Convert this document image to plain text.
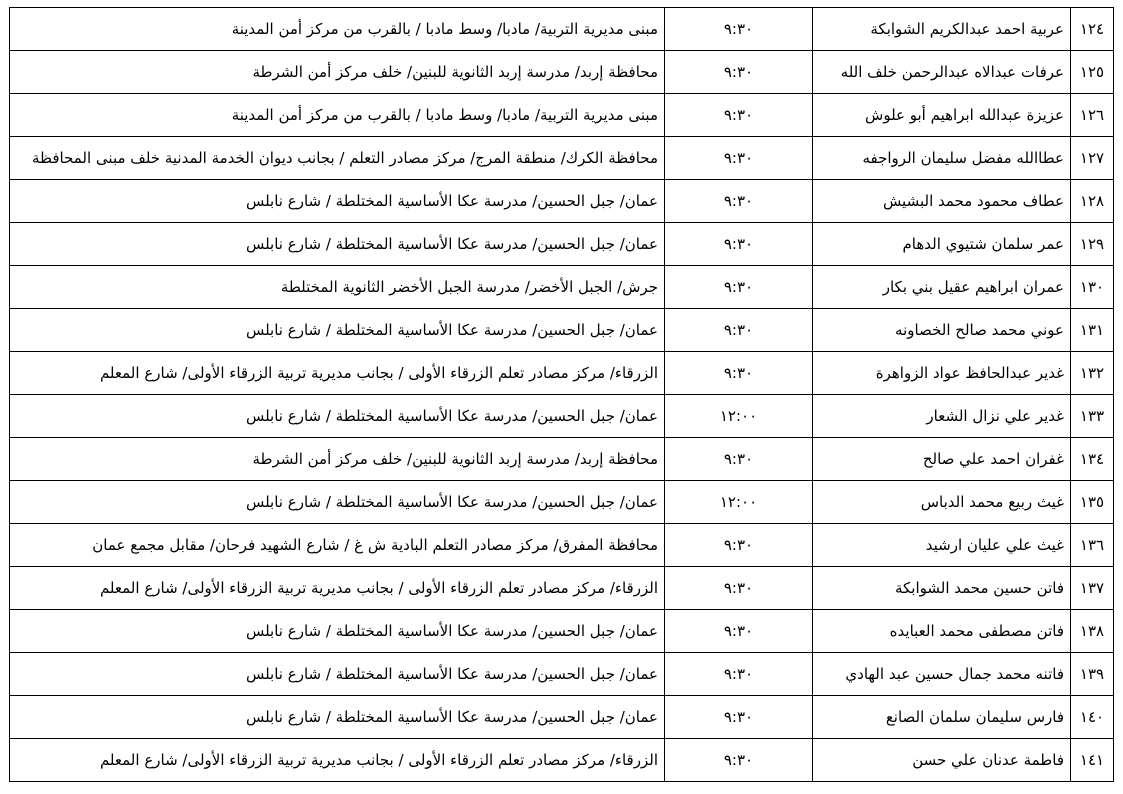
١٢٤	عربية احمد عبدالكريم الشوابكة	٩:٣٠	مبنى مديرية التربية/ مادبا/ وسط مادبا / بالقرب من مركز أمن المدينة
١٢٥	عرفات عبدالاه عبدالرحمن خلف الله	٩:٣٠	محافظة إربد/ مدرسة إربد الثانوية للبنين/ خلف مركز أمن الشرطة
١٢٦	عزيزة عبدالله ابراهيم أبو علوش	٩:٣٠	مبنى مديرية التربية/ مادبا/ وسط مادبا / بالقرب من مركز أمن المدينة
١٢٧	عطاالله مفضل سليمان الرواجفه	٩:٣٠	محافظة الكرك/ منطقة المرج/ مركز مصادر التعلم / بجانب ديوان الخدمة المدنية خلف مبنى المحافظة
١٢٨	عطاف محمود محمد البشيش	٩:٣٠	عمان/ جبل الحسين/ مدرسة عكا الأساسية المختلطة / شارع نابلس
١٢٩	عمر سلمان شتيوي الدهام	٩:٣٠	عمان/ جبل الحسين/ مدرسة عكا الأساسية المختلطة / شارع نابلس
١٣٠	عمران ابراهيم عقيل بني بكار	٩:٣٠	جرش/ الجبل الأخضر/ مدرسة الجبل الأخضر الثانوية المختلطة
١٣١	عوني محمد صالح الخصاونه	٩:٣٠	عمان/ جبل الحسين/ مدرسة عكا الأساسية المختلطة / شارع نابلس
١٣٢	غدير عبدالحافظ عواد الزواهرة	٩:٣٠	الزرقاء/ مركز مصادر تعلم الزرقاء الأولى / بجانب مديرية تربية الزرقاء الأولى/ شارع المعلم
١٣٣	غدير علي نزال الشعار	١٢:٠٠	عمان/ جبل الحسين/ مدرسة عكا الأساسية المختلطة / شارع نابلس
١٣٤	غفران احمد علي صالح	٩:٣٠	محافظة إربد/ مدرسة إربد الثانوية للبنين/ خلف مركز أمن الشرطة
١٣٥	غيث ربيع محمد الدباس	١٢:٠٠	عمان/ جبل الحسين/ مدرسة عكا الأساسية المختلطة / شارع نابلس
١٣٦	غيث علي عليان ارشيد	٩:٣٠	محافظة المفرق/ مركز مصادر التعلم البادية ش غ / شارع الشهيد فرحان/ مقابل مجمع عمان
١٣٧	فاتن حسين محمد الشوابكة	٩:٣٠	الزرقاء/ مركز مصادر تعلم الزرقاء الأولى / بجانب مديرية تربية الزرقاء الأولى/ شارع المعلم
١٣٨	فاتن مصطفى محمد العبايده	٩:٣٠	عمان/ جبل الحسين/ مدرسة عكا الأساسية المختلطة / شارع نابلس
١٣٩	فاتنه محمد جمال حسين عبد الهادي	٩:٣٠	عمان/ جبل الحسين/ مدرسة عكا الأساسية المختلطة / شارع نابلس
١٤٠	فارس سليمان سلمان الصانع	٩:٣٠	عمان/ جبل الحسين/ مدرسة عكا الأساسية المختلطة / شارع نابلس
١٤١	فاطمة عدنان علي حسن	٩:٣٠	الزرقاء/ مركز مصادر تعلم الزرقاء الأولى / بجانب مديرية تربية الزرقاء الأولى/ شارع المعلم
